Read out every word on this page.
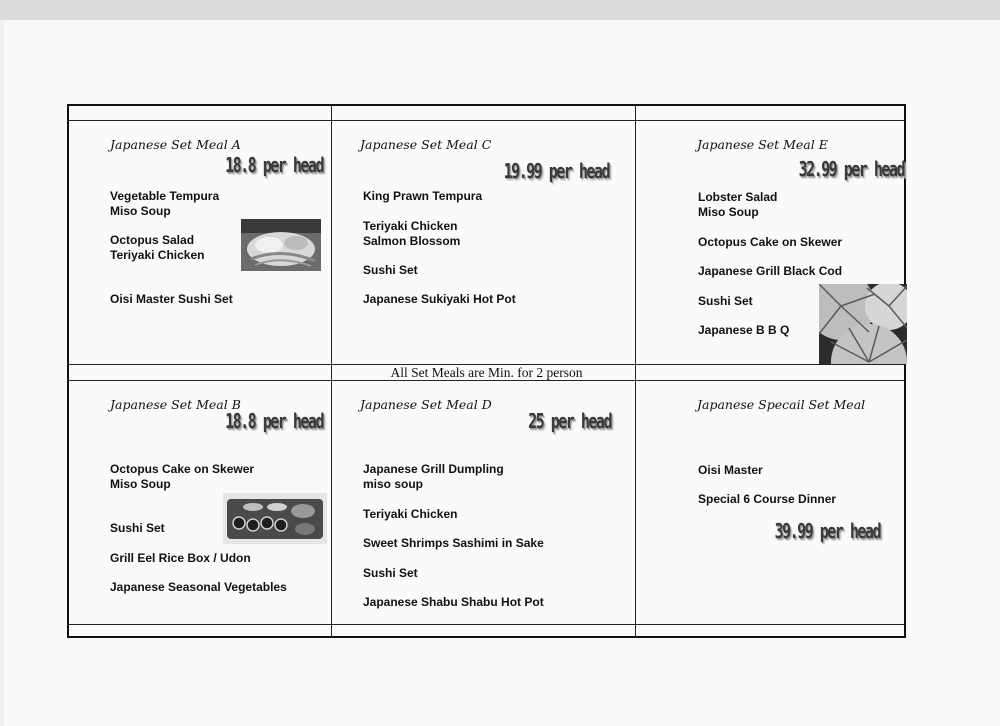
Japanese Set Meal A
18.8 per head
Vegetable Tempura
Miso Soup
Octopus Salad
Teriyaki Chicken
Oisi Master Sushi Set
Japanese Set Meal C
19.99 per head
King Prawn Tempura
Teriyaki Chicken
Salmon Blossom
Sushi Set
Japanese Sukiyaki Hot Pot
Japanese Set Meal E
32.99 per head
Lobster Salad
Miso Soup
Octopus Cake on Skewer
Japanese Grill Black Cod
Sushi Set
Japanese B B Q
All Set Meals are Min. for 2 person
Japanese Set Meal B
18.8 per head
Octopus Cake on Skewer
Miso Soup
Sushi Set
Grill Eel Rice Box / Udon
Japanese Seasonal Vegetables
Japanese Set Meal D
25 per head
Japanese Grill Dumpling
miso soup
Teriyaki Chicken
Sweet Shrimps Sashimi in Sake
Sushi Set
Japanese Shabu Shabu Hot Pot
Japanese Specail Set Meal
Oisi Master
Special 6 Course Dinner
39.99 per head
